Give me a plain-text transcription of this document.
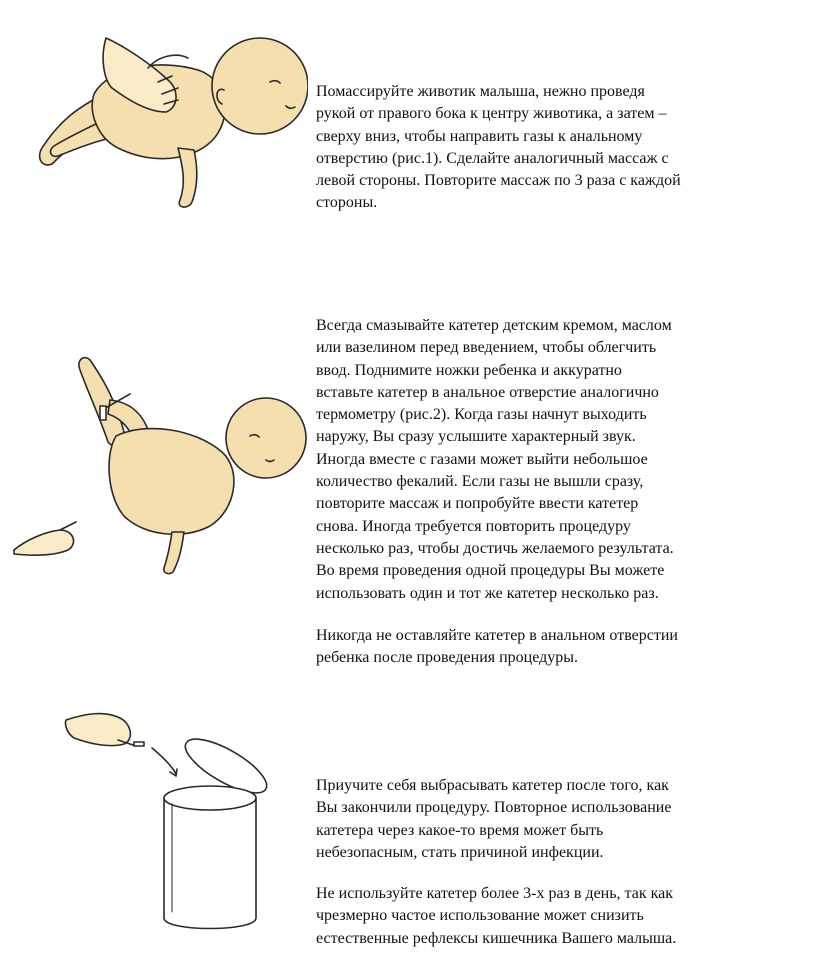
Помассируйте животик малыша, нежно проведя
рукой от правого бока к центру животика, а затем –
сверху вниз, чтобы направить газы к анальному
отверстию (рис.1). Сделайте аналогичный массаж с
левой стороны. Повторите массаж по 3 раза с каждой
стороны.

Всегда смазывайте катетер детским кремом, маслом
или вазелином перед введением, чтобы облегчить
ввод. Поднимите ножки ребенка и аккуратно
вставьте катетер в анальное отверстие аналогично
термометру (рис.2). Когда газы начнут выходить
наружу, Вы сразу услышите характерный звук.
Иногда вместе с газами может выйти небольшое
количество фекалий. Если газы не вышли сразу,
повторите массаж и попробуйте ввести катетер
снова. Иногда требуется повторить процедуру
несколько раз, чтобы достичь желаемого результата.
Во время проведения одной процедуры Вы можете
использовать один и тот же катетер несколько раз.

Никогда не оставляйте катетер в анальном отверстии
ребенка после проведения процедуры.

Приучите себя выбрасывать катетер после того, как
Вы закончили процедуру. Повторное использование
катетера через какое-то время может быть
небезопасным, стать причиной инфекции.

Не используйте катетер более 3-х раз в день, так как
чрезмерно частое использование может снизить
естественные рефлексы кишечника Вашего малыша.
